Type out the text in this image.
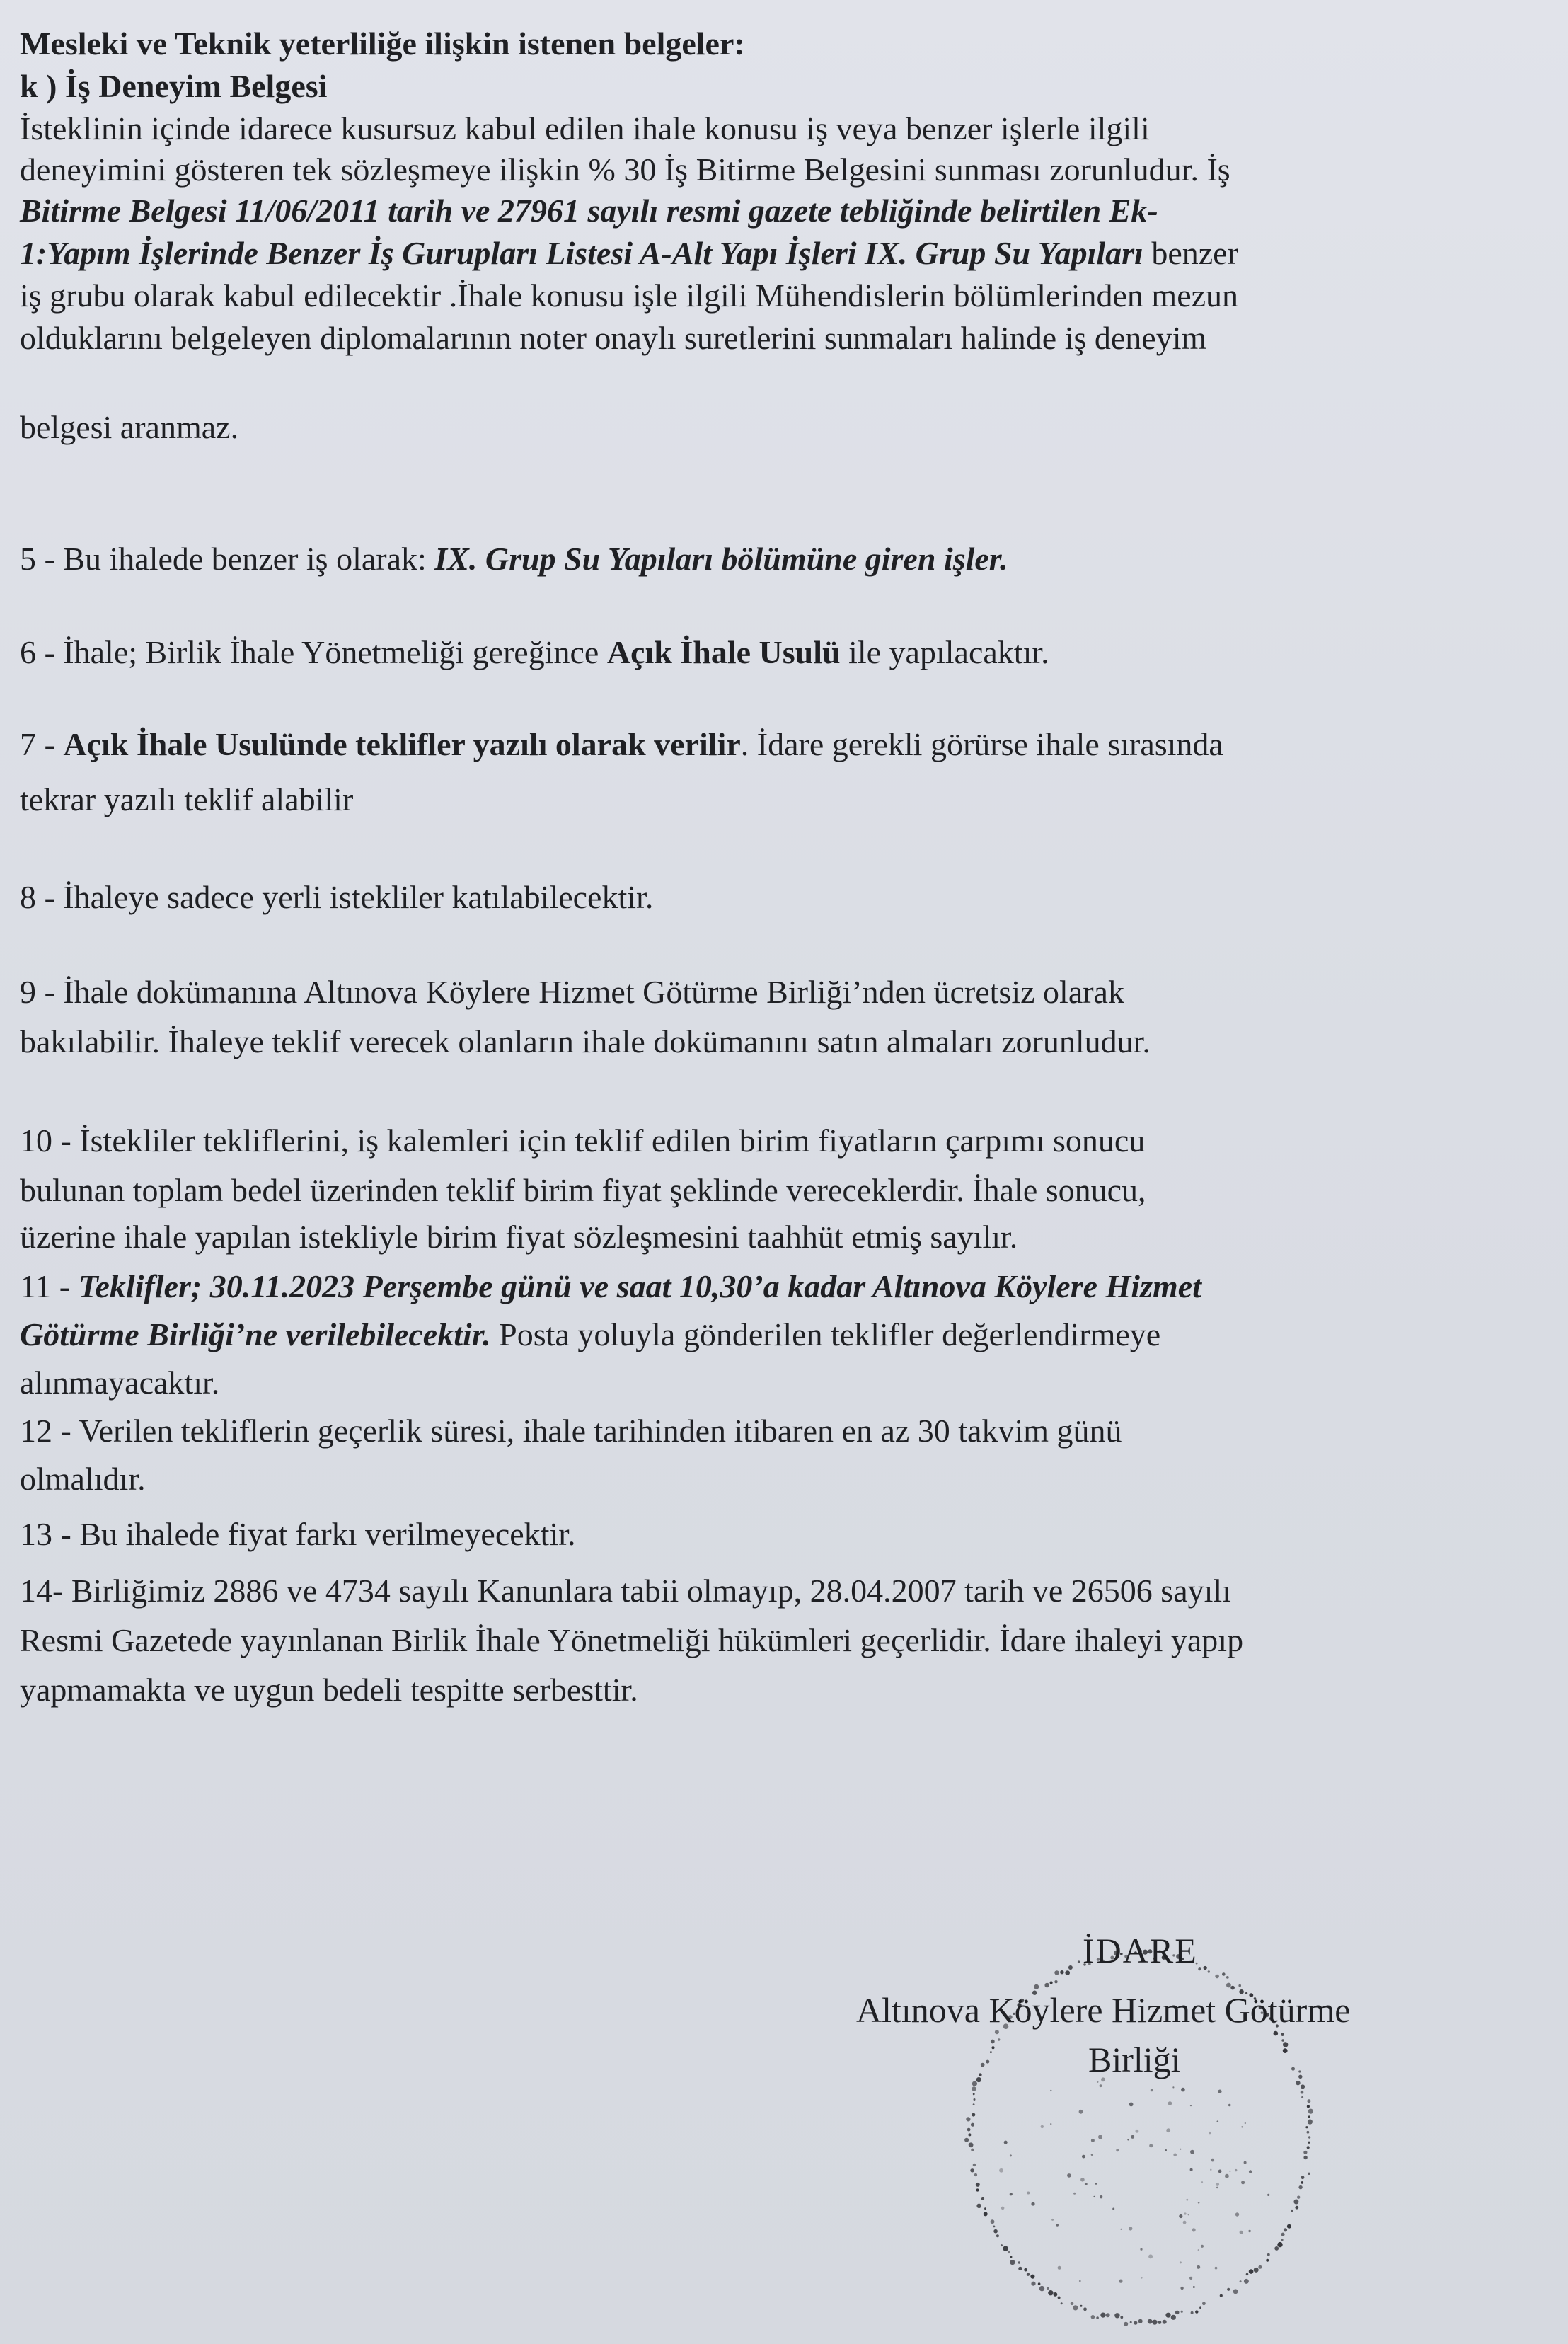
Mesleki ve Teknik yeterliliğe ilişkin istenen belgeler:
k ) İş Deneyim Belgesi
İsteklinin içinde idarece kusursuz kabul edilen ihale konusu iş veya benzer işlerle ilgili
deneyimini gösteren tek sözleşmeye ilişkin % 30 İş Bitirme Belgesini sunması zorunludur. İş
Bitirme Belgesi 11/06/2011 tarih ve 27961 sayılı resmi gazete tebliğinde belirtilen Ek-
1:Yapım İşlerinde Benzer İş Gurupları Listesi A-Alt Yapı İşleri IX. Grup Su Yapıları benzer
iş grubu olarak kabul edilecektir .İhale konusu işle ilgili Mühendislerin bölümlerinden mezun
olduklarını belgeleyen diplomalarının noter onaylı suretlerini sunmaları halinde iş deneyim
belgesi aranmaz.
5 - Bu ihalede benzer iş olarak: IX. Grup Su Yapıları bölümüne giren işler.
6 - İhale; Birlik İhale Yönetmeliği gereğince Açık İhale Usulü ile yapılacaktır.
7 - Açık İhale Usulünde teklifler yazılı olarak verilir. İdare gerekli görürse ihale sırasında
tekrar yazılı teklif alabilir
8 - İhaleye sadece yerli istekliler katılabilecektir.
9 - İhale dokümanına Altınova Köylere Hizmet Götürme Birliği’nden ücretsiz olarak
bakılabilir. İhaleye teklif verecek olanların ihale dokümanını satın almaları zorunludur.
10 - İstekliler tekliflerini, iş kalemleri için teklif edilen birim fiyatların çarpımı sonucu
bulunan toplam bedel üzerinden teklif birim fiyat şeklinde vereceklerdir. İhale sonucu,
üzerine ihale yapılan istekliyle birim fiyat sözleşmesini taahhüt etmiş sayılır.
11 - Teklifler; 30.11.2023 Perşembe günü ve saat 10,30’a kadar Altınova Köylere Hizmet
Götürme Birliği’ne verilebilecektir. Posta yoluyla gönderilen teklifler değerlendirmeye
alınmayacaktır.
12 - Verilen tekliflerin geçerlik süresi, ihale tarihinden itibaren en az 30 takvim günü
olmalıdır.
13 - Bu ihalede fiyat farkı verilmeyecektir.
14- Birliğimiz 2886 ve 4734 sayılı Kanunlara tabii olmayıp, 28.04.2007 tarih ve 26506 sayılı
Resmi Gazetede yayınlanan Birlik İhale Yönetmeliği hükümleri geçerlidir. İdare ihaleyi yapıp
yapmamakta ve uygun bedeli tespitte serbesttir.
İDARE
Altınova Köylere Hizmet Götürme
Birliği
